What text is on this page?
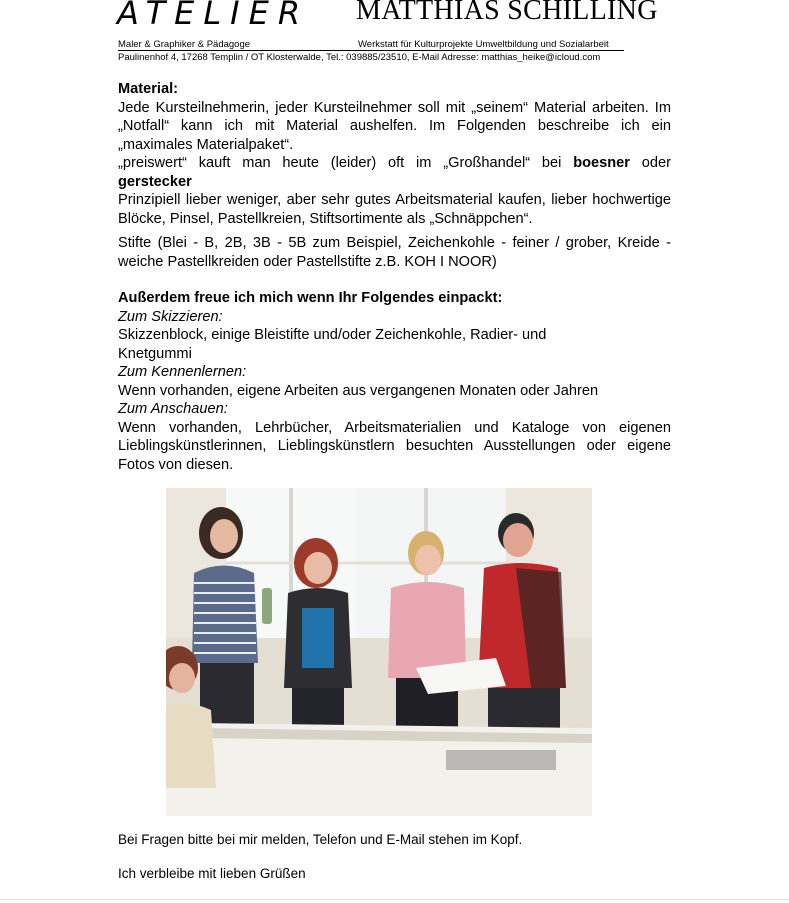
ATELIER MATTHIAS SCHILLING
Maler & Graphiker & Pädagoge	Werkstatt für Kulturprojekte Umweltbildung und Sozialarbeit
Paulinenhof 4, 17268 Templin / OT Klosterwalde, Tel.: 039885/23510, E-Mail Adresse: matthias_heike@icloud.com

Material:

Jede Kursteilnehmerin, jeder Kursteilnehmer soll mit „seinem“ Material arbeiten. Im „Notfall“ kann ich mit Material aushelfen. Im Folgenden beschreibe ich ein „maximales Materialpaket“.

„preiswert“ kauft man heute (leider) oft im „Großhandel“ bei boesner oder

gerstecker

Prinzipiell lieber weniger, aber sehr gutes Arbeitsmaterial kaufen, lieber hochwertige Blöcke, Pinsel, Pastellkreien, Stiftsortimente als „Schnäppchen“.

Stifte (Blei - B, 2B, 3B - 5B zum Beispiel, Zeichenkohle - feiner / grober, Kreide - weiche Pastellkreiden oder Pastellstifte z.B. KOH I NOOR)

Außerdem freue ich mich wenn Ihr Folgendes einpackt:

Zum Skizzieren:

Skizzenblock, einige Bleistifte und/oder Zeichenkohle, Radier- und Knetgummi

Zum Kennenlernen:

Wenn vorhanden, eigene Arbeiten aus vergangenen Monaten oder Jahren

Zum Anschauen:

Wenn vorhanden, Lehrbücher, Arbeitsmaterialien und Kataloge von eigenen Lieblingskünstlerinnen, Lieblingskünstlern besuchten Ausstellungen oder eigene Fotos von diesen.

Bei Fragen bitte bei mir melden, Telefon und E-Mail stehen im Kopf.
Ich verbleibe mit lieben Grüßen
